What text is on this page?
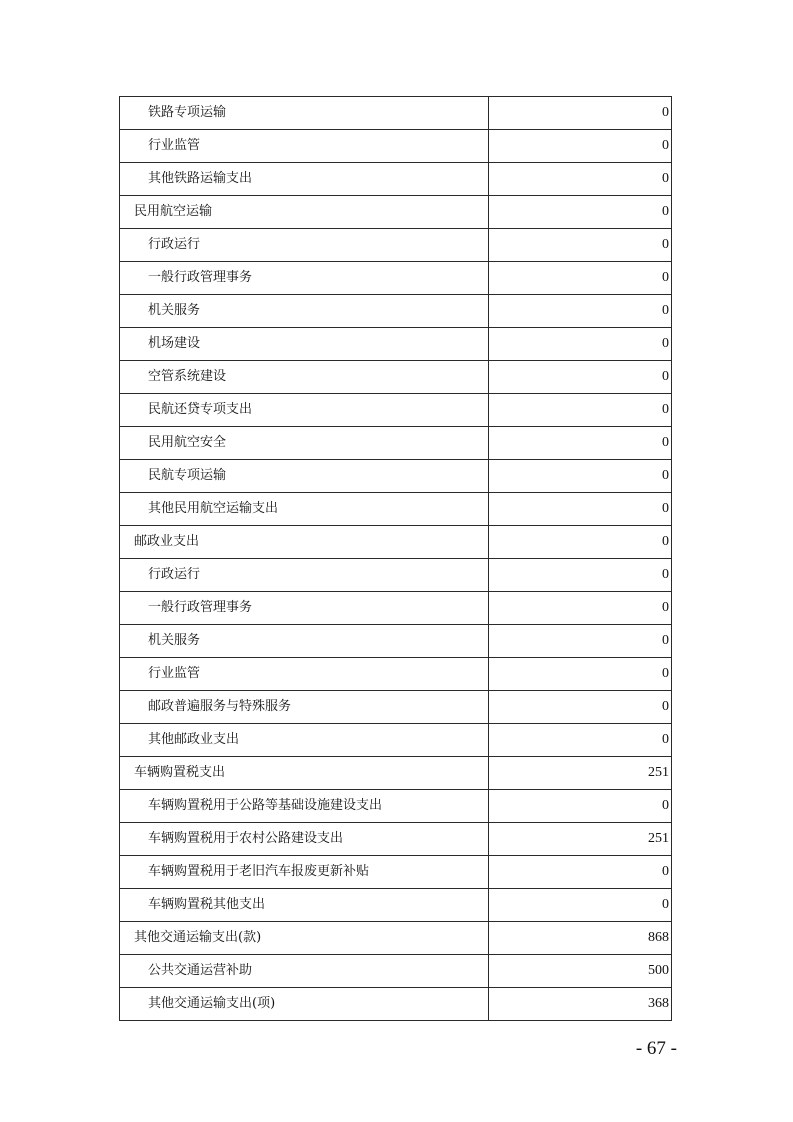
铁路专项运输	0
行业监管	0
其他铁路运输支出	0
民用航空运输	0
行政运行	0
一般行政管理事务	0
机关服务	0
机场建设	0
空管系统建设	0
民航还贷专项支出	0
民用航空安全	0
民航专项运输	0
其他民用航空运输支出	0
邮政业支出	0
行政运行	0
一般行政管理事务	0
机关服务	0
行业监管	0
邮政普遍服务与特殊服务	0
其他邮政业支出	0
车辆购置税支出	251
车辆购置税用于公路等基础设施建设支出	0
车辆购置税用于农村公路建设支出	251
车辆购置税用于老旧汽车报废更新补贴	0
车辆购置税其他支出	0
其他交通运输支出(款)	868
公共交通运营补助	500
其他交通运输支出(项)	368
- 67 -
